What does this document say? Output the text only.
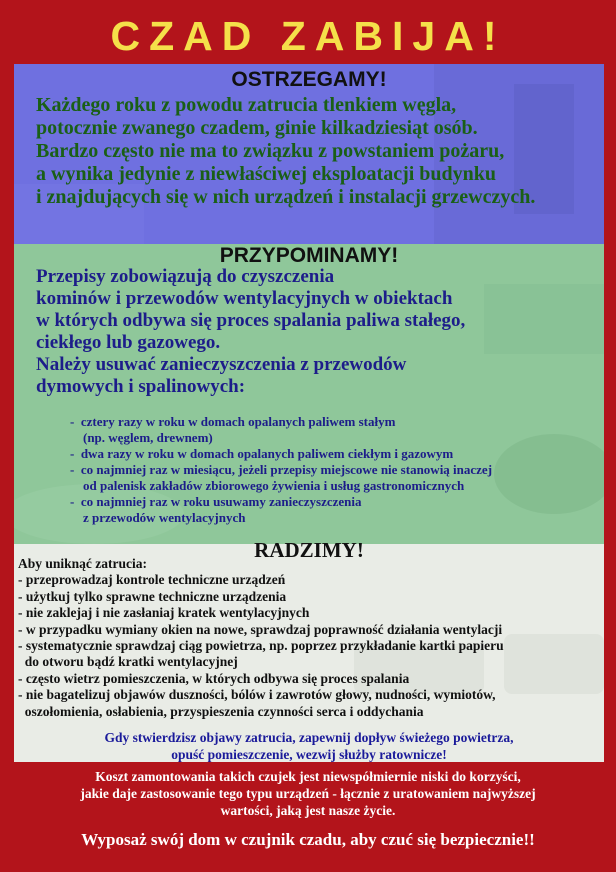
CZAD ZABIJA!
OSTRZEGAMY!
Każdego roku z powodu zatrucia tlenkiem węgla,
potocznie zwanego czadem, ginie kilkadziesiąt osób.
Bardzo często nie ma to związku z powstaniem pożaru,
a wynika jedynie z niewłaściwej eksploatacji budynku
i znajdujących się w nich urządzeń i instalacji grzewczych.
PRZYPOMINAMY!
Przepisy zobowiązują do czyszczenia
kominów i przewodów wentylacyjnych w obiektach
w których odbywa się proces spalania paliwa stałego,
ciekłego lub gazowego.
Należy usuwać zanieczyszczenia z przewodów
dymowych i spalinowych:
-  cztery razy w roku w domach opalanych paliwem stałym
(np. węglem, drewnem)
-  dwa razy w roku w domach opalanych paliwem ciekłym i gazowym
-  co najmniej raz w miesiącu, jeżeli przepisy miejscowe nie stanowią inaczej
od palenisk zakładów zbiorowego żywienia i usług gastronomicznych
-  co najmniej raz w roku usuwamy zanieczyszczenia
z przewodów wentylacyjnych
RADZIMY!
Aby uniknąć zatrucia:
- przeprowadzaj kontrole techniczne urządzeń
- użytkuj tylko sprawne techniczne urządzenia
- nie zaklejaj i nie zasłaniaj kratek wentylacyjnych
- w przypadku wymiany okien na nowe, sprawdzaj poprawność działania wentylacji
- systematycznie sprawdzaj ciąg powietrza, np. poprzez przykładanie kartki papieru
do otworu bądź kratki wentylacyjnej
- często wietrz pomieszczenia, w których odbywa się proces spalania
- nie bagatelizuj objawów duszności, bólów i zawrotów głowy, nudności, wymiotów,
oszołomienia, osłabienia, przyspieszenia czynności serca i oddychania
Gdy stwierdzisz objawy zatrucia, zapewnij dopływ świeżego powietrza,
opuść pomieszczenie, wezwij służby ratownicze!
Koszt zamontowania takich czujek jest niewspółmiernie niski do korzyści,
jakie daje zastosowanie tego typu urządzeń - łącznie z uratowaniem najwyższej
wartości, jaką jest nasze życie.
Wyposaż swój dom w czujnik czadu, aby czuć się bezpiecznie!!
